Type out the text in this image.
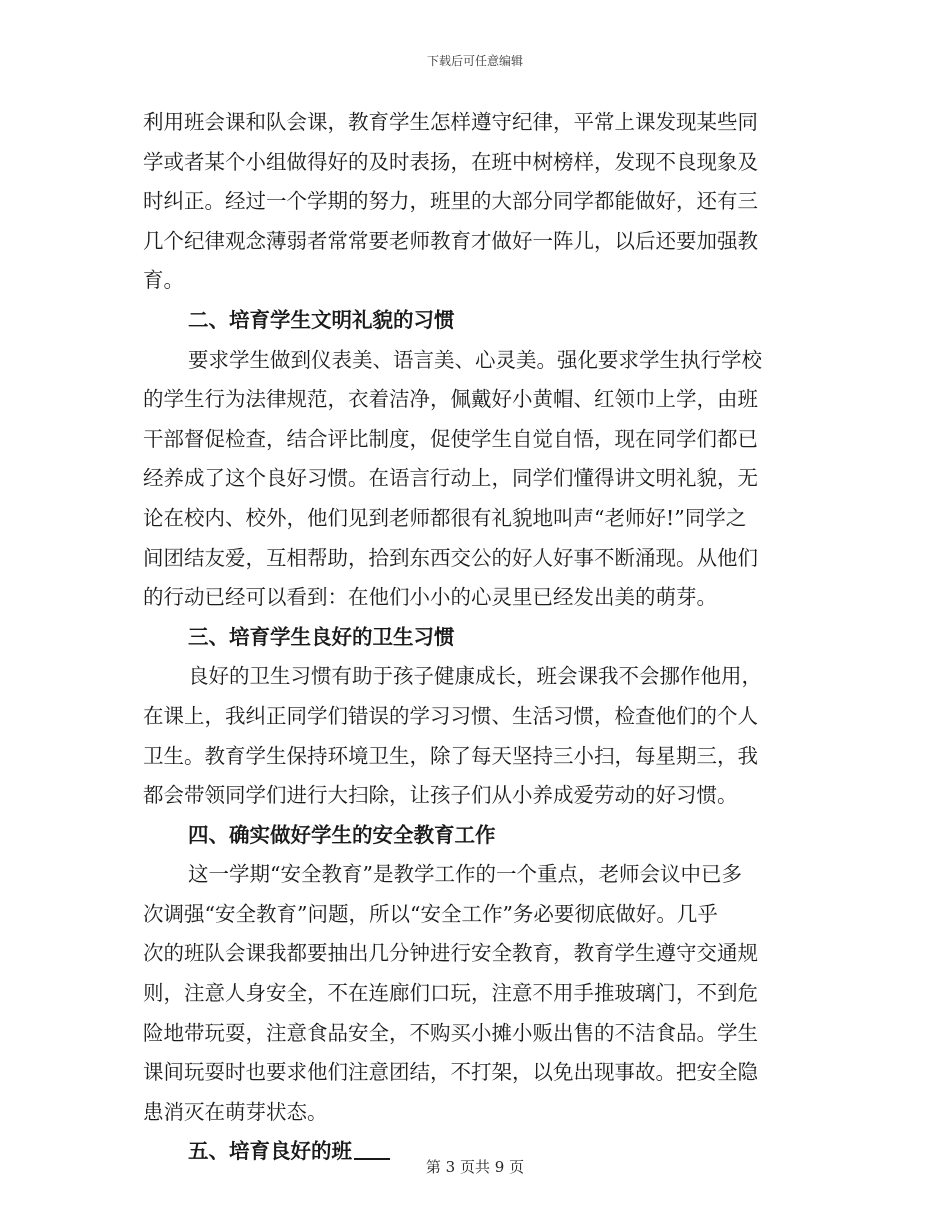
下载后可任意编辑
利用班会课和队会课，教育学生怎样遵守纪律，平常上课发现某些同
学或者某个小组做得好的及时表扬，在班中树榜样，发现不良现象及
时纠正。经过一个学期的努力，班里的大部分同学都能做好，还有三
几个纪律观念薄弱者常常要老师教育才做好一阵儿，以后还要加强教
育。
二、培育学生文明礼貌的习惯
要求学生做到仪表美、语言美、心灵美。强化要求学生执行学校
的学生行为法律规范，衣着洁净，佩戴好小黄帽、红领巾上学，由班
干部督促检查，结合评比制度，促使学生自觉自悟，现在同学们都已
经养成了这个良好习惯。在语言行动上，同学们懂得讲文明礼貌，无
论在校内、校外，他们见到老师都很有礼貌地叫声“老师好!”同学之
间团结友爱，互相帮助，拾到东西交公的好人好事不断涌现。从他们
的行动已经可以看到：在他们小小的心灵里已经发出美的萌芽。
三、培育学生良好的卫生习惯
良好的卫生习惯有助于孩子健康成长，班会课我不会挪作他用，
在课上，我纠正同学们错误的学习习惯、生活习惯，检查他们的个人
卫生。教育学生保持环境卫生，除了每天坚持三小扫，每星期三，我
都会带领同学们进行大扫除，让孩子们从小养成爱劳动的好习惯。
四、确实做好学生的安全教育工作
这一学期“安全教育”是教学工作的一个重点，老师会议中已多
次调强“安全教育”问题，所以“安全工作”务必要彻底做好。几乎
次的班队会课我都要抽出几分钟进行安全教育，教育学生遵守交通规
则，注意人身安全，不在连廊们口玩，注意不用手推玻璃门，不到危
险地带玩耍，注意食品安全，不购买小摊小贩出售的不洁食品。学生
课间玩耍时也要求他们注意团结，不打架，以免出现事故。把安全隐
患消灭在萌芽状态。
五、培育良好的班
第 3 页共 9 页
